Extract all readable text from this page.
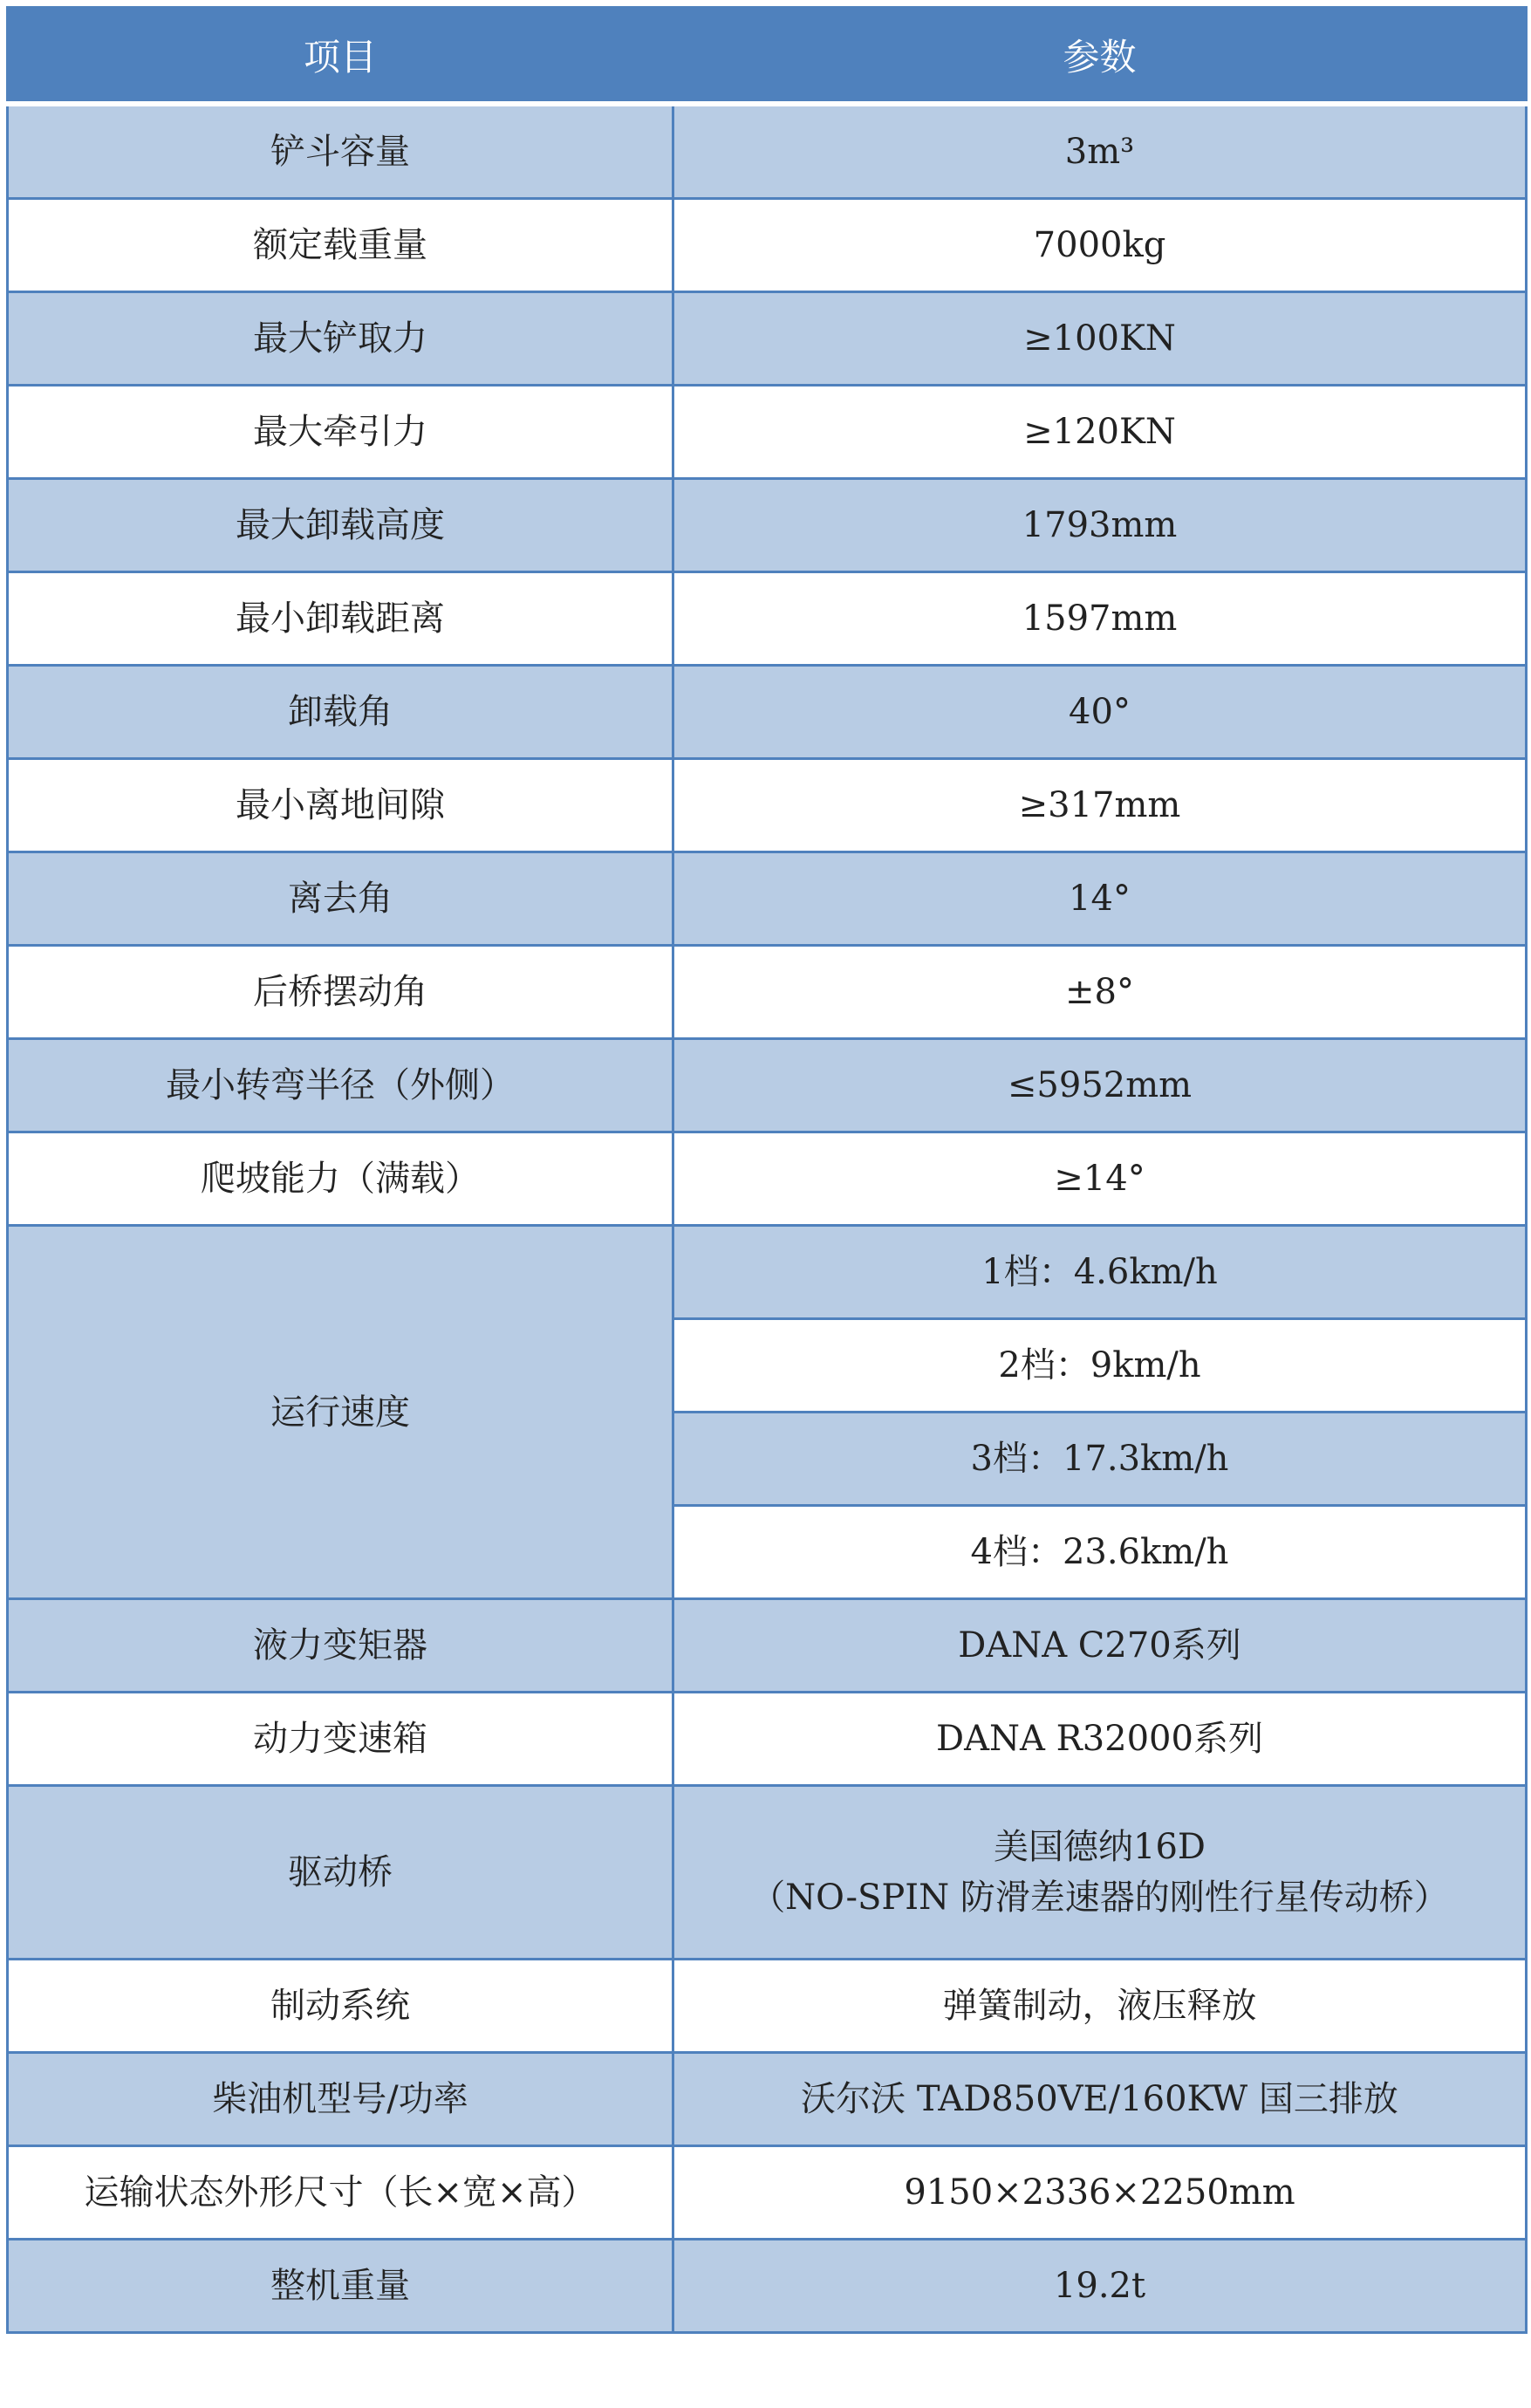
项目	参数
铲斗容量	3m³
额定载重量	7000kg
最大铲取力	≥100KN
最大牵引力	≥120KN
最大卸载高度	1793mm
最小卸载距离	1597mm
卸载角	40°
最小离地间隙	≥317mm
离去角	14°
后桥摆动角	±8°
最小转弯半径（外侧）	≤5952mm
爬坡能力（满载）	≥14°
运行速度	1档：4.6km/h
	2档：9km/h
	3档：17.3km/h
	4档：23.6km/h
液力变矩器	DANA C270系列
动力变速箱	DANA R32000系列
驱动桥	美国德纳16D
（NO-SPIN 防滑差速器的刚性行星传动桥）

制动系统	弹簧制动，液压释放
柴油机型号/功率	沃尔沃 TAD850VE/160KW 国三排放
运输状态外形尺寸（长×宽×高）	9150×2336×2250mm
整机重量	19.2t
